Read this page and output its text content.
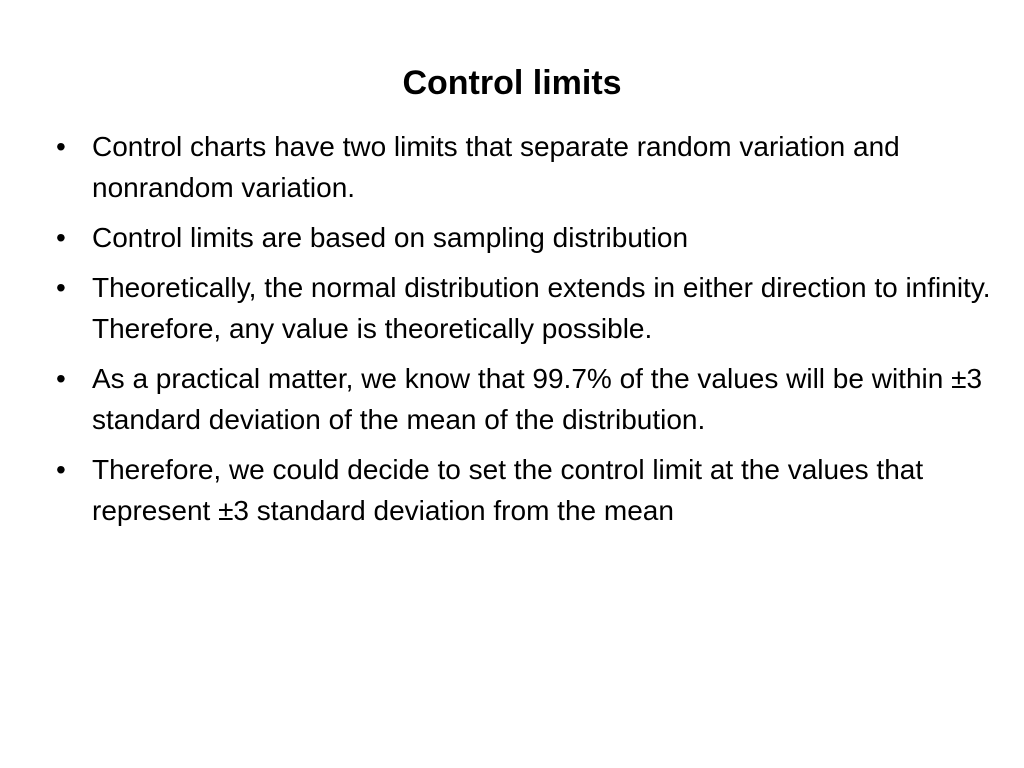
Control limits
• Control charts have two limits that separate random variation and nonrandom variation.
• Control limits are based on sampling distribution
• Theoretically, the normal distribution extends in either direction to infinity. Therefore, any value is theoretically possible.
• As a practical matter, we know that 99.7% of the values will be within ±3 standard deviation of the mean of the distribution.
• Therefore, we could decide to set the control limit at the values that represent ±3 standard deviation from the mean
